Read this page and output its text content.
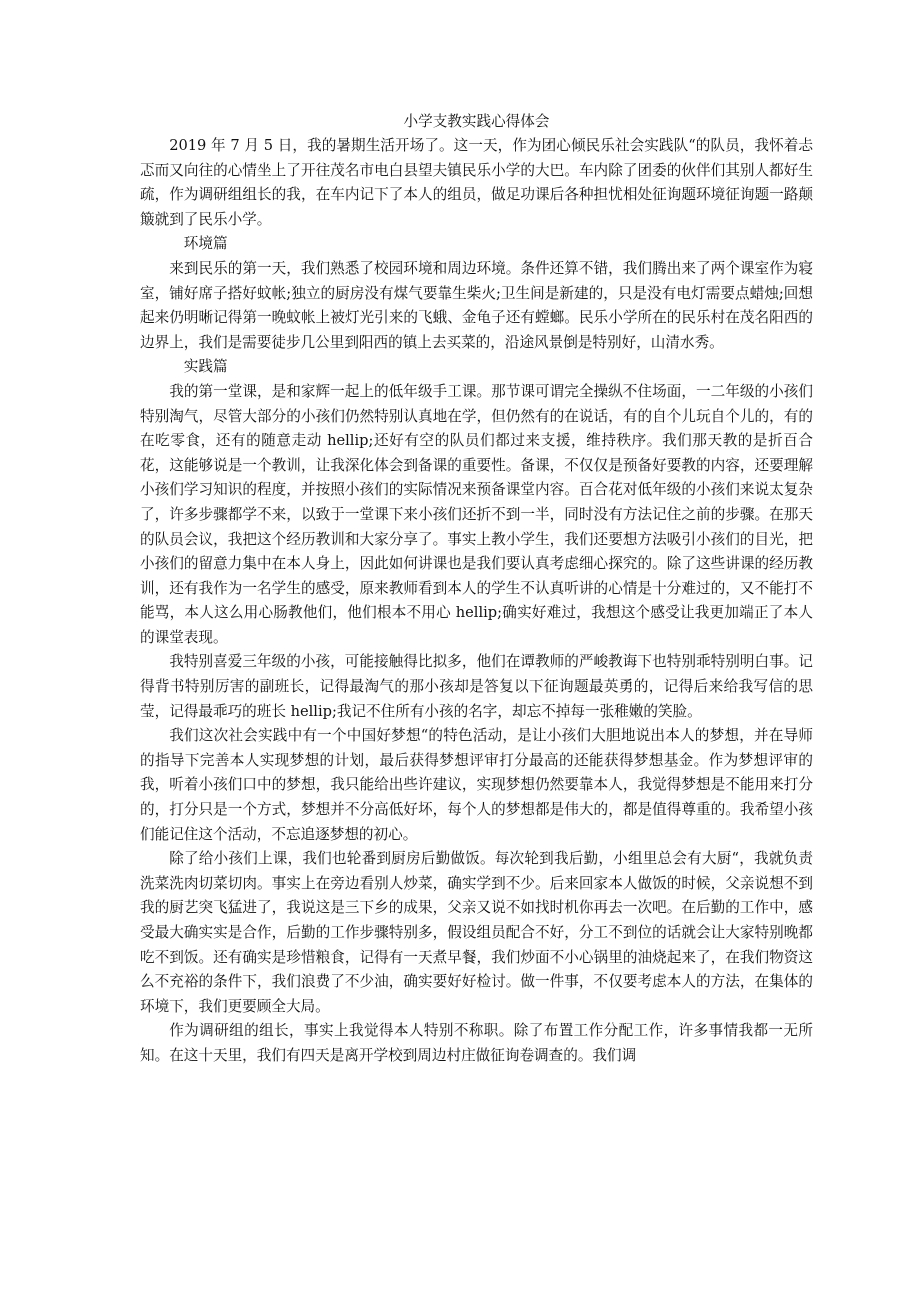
小学支教实践心得体会

2019 年 7 月 5 日，我的暑期生活开场了。这一天，作为团心倾民乐社会实践队“的队员，我怀着忐忑而又向往的心情坐上了开往茂名市电白县望夫镇民乐小学的大巴。车内除了团委的伙伴们其别人都好生疏，作为调研组组长的我，在车内记下了本人的组员，做足功课后各种担忧相处征询题环境征询题一路颠簸就到了民乐小学。

环境篇

来到民乐的第一天，我们熟悉了校园环境和周边环境。条件还算不错，我们腾出来了两个课室作为寝室，铺好席子搭好蚊帐;独立的厨房没有煤气要靠生柴火;卫生间是新建的，只是没有电灯需要点蜡烛;回想起来仍明晰记得第一晚蚊帐上被灯光引来的飞蛾、金龟子还有螳螂。民乐小学所在的民乐村在茂名阳西的边界上，我们是需要徒步几公里到阳西的镇上去买菜的，沿途风景倒是特别好，山清水秀。

实践篇

我的第一堂课，是和家辉一起上的低年级手工课。那节课可谓完全操纵不住场面，一二年级的小孩们特别淘气，尽管大部分的小孩们仍然特别认真地在学，但仍然有的在说话，有的自个儿玩自个儿的，有的在吃零食，还有的随意走动 hellip;还好有空的队员们都过来支援，维持秩序。我们那天教的是折百合花，这能够说是一个教训，让我深化体会到备课的重要性。备课，不仅仅是预备好要教的内容，还要理解小孩们学习知识的程度，并按照小孩们的实际情况来预备课堂内容。百合花对低年级的小孩们来说太复杂了，许多步骤都学不来，以致于一堂课下来小孩们还折不到一半，同时没有方法记住之前的步骤。在那天的队员会议，我把这个经历教训和大家分享了。事实上教小学生，我们还要想方法吸引小孩们的目光，把小孩们的留意力集中在本人身上，因此如何讲课也是我们要认真考虑细心探究的。除了这些讲课的经历教训，还有我作为一名学生的感受，原来教师看到本人的学生不认真听讲的心情是十分难过的，又不能打不能骂，本人这么用心肠教他们，他们根本不用心 hellip;确实好难过，我想这个感受让我更加端正了本人的课堂表现。

我特别喜爱三年级的小孩，可能接触得比拟多，他们在谭教师的严峻教诲下也特别乖特别明白事。记得背书特别厉害的副班长，记得最淘气的那小孩却是答复以下征询题最英勇的，记得后来给我写信的思莹，记得最乖巧的班长 hellip;我记不住所有小孩的名字，却忘不掉每一张稚嫩的笑脸。

我们这次社会实践中有一个中国好梦想“的特色活动，是让小孩们大胆地说出本人的梦想，并在导师的指导下完善本人实现梦想的计划，最后获得梦想评审打分最高的还能获得梦想基金。作为梦想评审的我，听着小孩们口中的梦想，我只能给出些许建议，实现梦想仍然要靠本人，我觉得梦想是不能用来打分的，打分只是一个方式，梦想并不分高低好坏，每个人的梦想都是伟大的，都是值得尊重的。我希望小孩们能记住这个活动，不忘追逐梦想的初心。

除了给小孩们上课，我们也轮番到厨房后勤做饭。每次轮到我后勤，小组里总会有大厨“，我就负责洗菜洗肉切菜切肉。事实上在旁边看别人炒菜，确实学到不少。后来回家本人做饭的时候，父亲说想不到我的厨艺突飞猛进了，我说这是三下乡的成果，父亲又说不如找时机你再去一次吧。在后勤的工作中，感受最大确实实是合作，后勤的工作步骤特别多，假设组员配合不好，分工不到位的话就会让大家特别晚都吃不到饭。还有确实是珍惜粮食，记得有一天煮早餐，我们炒面不小心锅里的油烧起来了，在我们物资这么不充裕的条件下，我们浪费了不少油，确实要好好检讨。做一件事，不仅要考虑本人的方法，在集体的环境下，我们更要顾全大局。

作为调研组的组长，事实上我觉得本人特别不称职。除了布置工作分配工作，许多事情我都一无所知。在这十天里，我们有四天是离开学校到周边村庄做征询卷调查的。我们调
